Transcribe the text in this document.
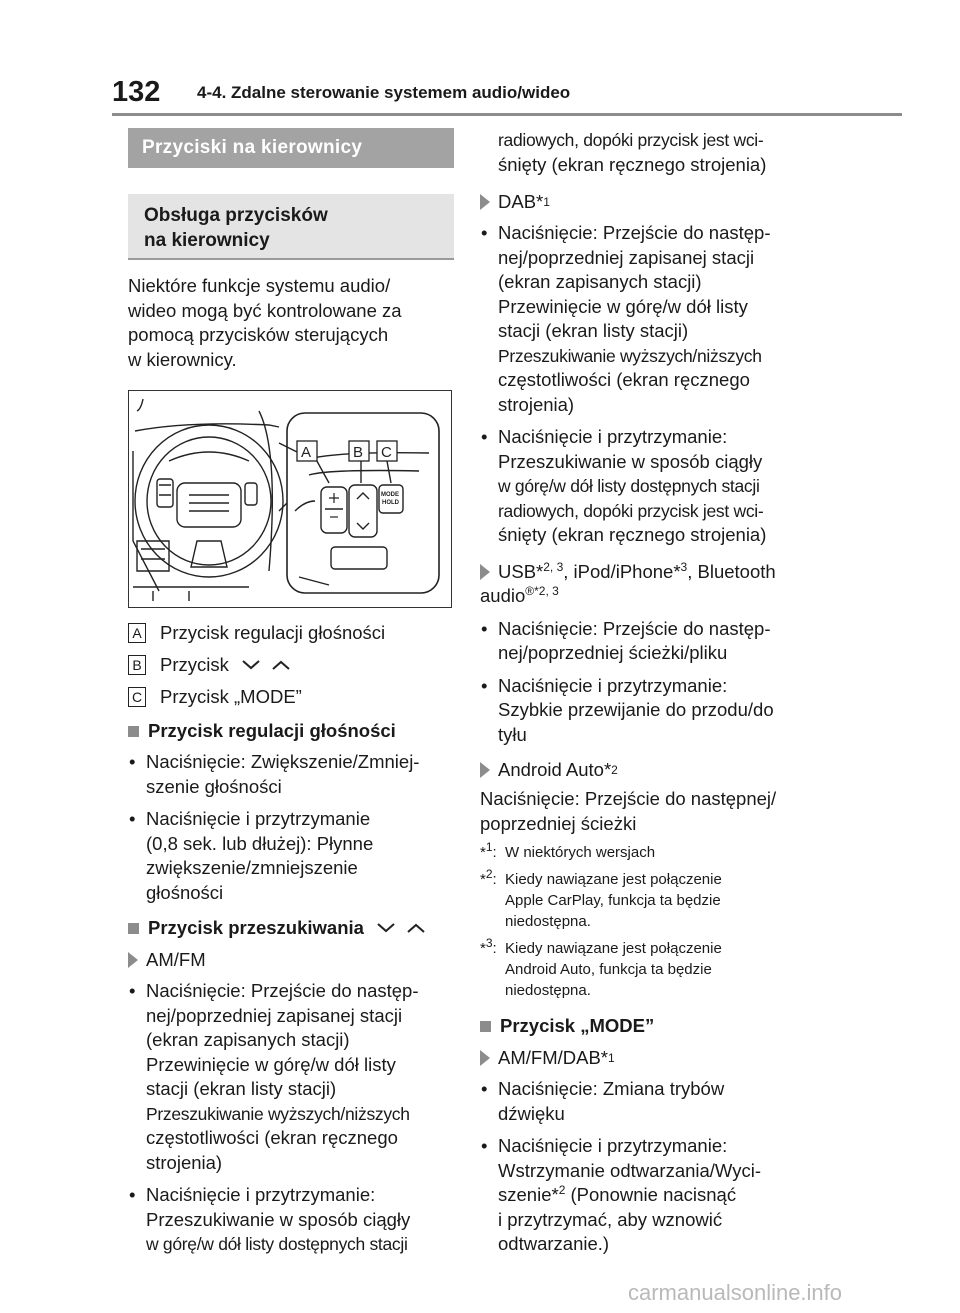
132 4-4. Zdalne sterowanie systemem audio/wideo
Przyciski na kierownicy
Obsługa przycisków
na kierownicy
Niektóre funkcje systemu audio/
wideo mogą być kontrolowane za
pomocą przycisków sterujących
w kierownicy.
MODE
HOLD
A	B C
A Przycisk regulacji głośności
B Przycisk
C Przycisk „MODE”
Przycisk regulacji głośności
• Naciśnięcie: Zwiększenie/Zmniej-
szenie głośności
• Naciśnięcie i przytrzymanie
(0,8 sek. lub dłużej): Płynne
zwiększenie/zmniejszenie
głośności
Przycisk przeszukiwania
AM/FM
• Naciśnięcie: Przejście do następ-
nej/poprzedniej zapisanej stacji
(ekran zapisanych stacji)
Przewinięcie w górę/w dół listy
stacji (ekran listy stacji)
Przeszukiwanie wyższych/niższych
częstotliwości (ekran ręcznego
strojenia)
• Naciśnięcie i przytrzymanie:
Przeszukiwanie w sposób ciągły
w górę/w dół listy dostępnych stacji
radiowych, dopóki przycisk jest wci-
śnięty (ekran ręcznego strojenia)
DAB* 1
• Naciśnięcie: Przejście do następ-
nej/poprzedniej zapisanej stacji
(ekran zapisanych stacji)
Przewinięcie w górę/w dół listy
stacji (ekran listy stacji)
Przeszukiwanie wyższych/niższych
częstotliwości (ekran ręcznego
strojenia)
• Naciśnięcie i przytrzymanie:
Przeszukiwanie w sposób ciągły
w górę/w dół listy dostępnych stacji
radiowych, dopóki przycisk jest wci-
śnięty (ekran ręcznego strojenia)
USB*$^{2, 3}$, iPod/iPhone*$^3$, Bluetooth
audio$^{®*2, 3}$
• Naciśnięcie: Przejście do następ-
nej/poprzedniej ścieżki/pliku
• Naciśnięcie i przytrzymanie:
Szybkie przewijanie do przodu/do
tyłu
Android Auto* 2
Naciśnięcie: Przejście do następnej/
poprzedniej ścieżki
*$^1$: W niektórych wersjach
*$^2$: Kiedy nawiązane jest połączenie
Apple CarPlay, funkcja ta będzie
niedostępna.
*$^3$: Kiedy nawiązane jest połączenie
Android Auto, funkcja ta będzie
niedostępna.
Przycisk „MODE”
AM/FM/DAB* 1
• Naciśnięcie: Zmiana trybów
dźwięku
• Naciśnięcie i przytrzymanie:
Wstrzymanie odtwarzania/Wyci-
szenie*$^2$ (Ponownie nacisnąć
i przytrzymać, aby wznowić
odtwarzanie.)
carmanualsonline.info
